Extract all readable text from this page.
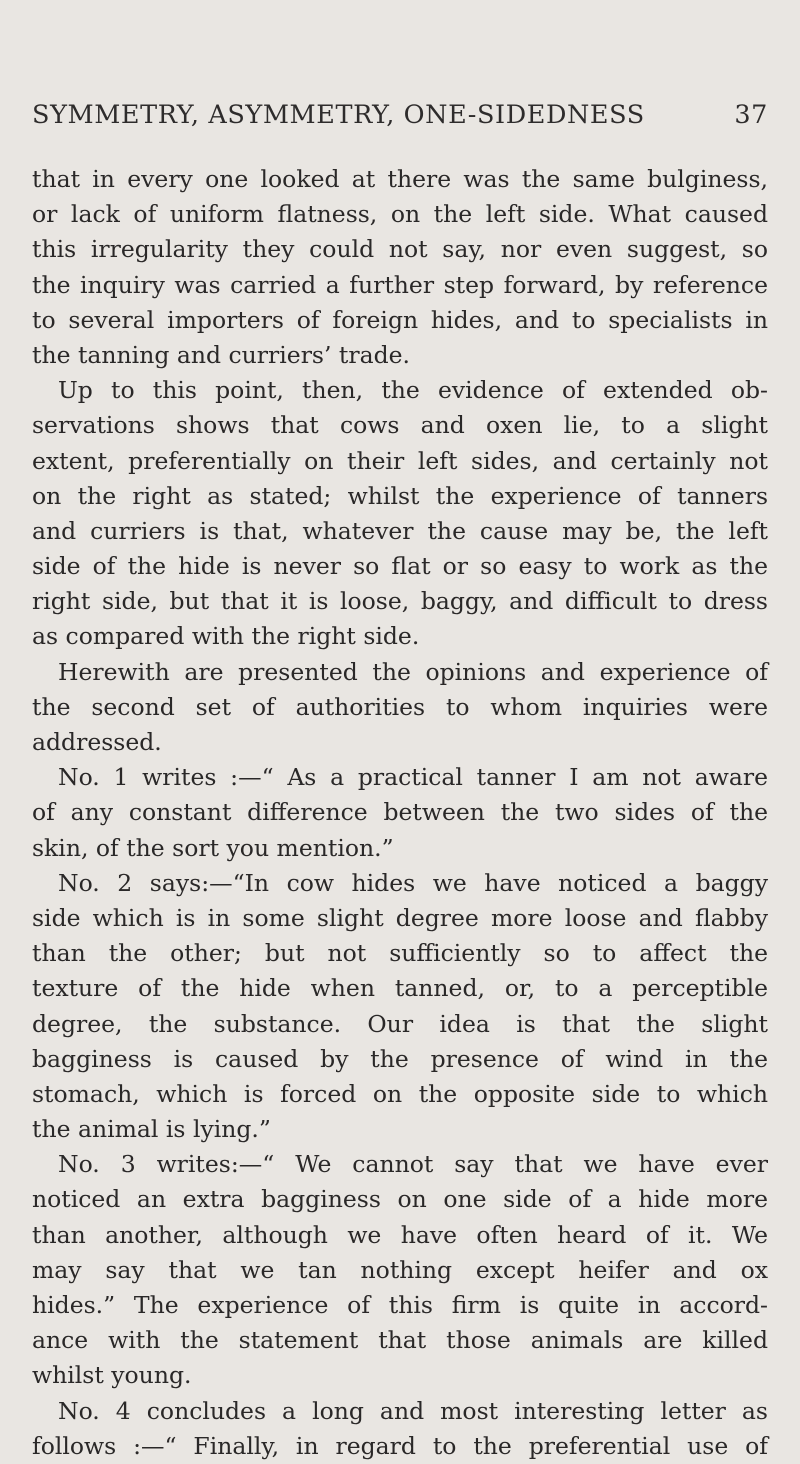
SYMMETRY, ASYMMETRY, ONE-SIDEDNESS	37
that in every one looked at there was the same bulginess,
or lack of uniform flatness, on the left side. What caused
this irregularity they could not say, nor even suggest, so
the inquiry was carried a further step forward, by reference
to several importers of foreign hides, and to specialists in
the tanning and curriers’ trade.
Up to this point, then, the evidence of extended ob-
servations shows that cows and oxen lie, to a slight
extent, preferentially on their left sides, and certainly not
on the right as stated; whilst the experience of tanners
and curriers is that, whatever the cause may be, the left
side of the hide is never so flat or so easy to work as the
right side, but that it is loose, baggy, and difficult to dress
as compared with the right side.
Herewith are presented the opinions and experience of
the second set of authorities to whom inquiries were
addressed.
No. 1 writes :—“ As a practical tanner I am not aware
of any constant difference between the two sides of the
skin, of the sort you mention.”
No. 2 says:—“In cow hides we have noticed a baggy
side which is in some slight degree more loose and flabby
than the other; but not sufficiently so to affect the
texture of the hide when tanned, or, to a perceptible
degree, the substance. Our idea is that the slight
bagginess is caused by the presence of wind in the
stomach, which is forced on the opposite side to which
the animal is lying.”
No. 3 writes:—“ We cannot say that we have ever
noticed an extra bagginess on one side of a hide more
than another, although we have often heard of it. We
may say that we tan nothing except heifer and ox
hides.” The experience of this firm is quite in accord-
ance with the statement that those animals are killed
whilst young.
No. 4 concludes a long and most interesting letter as
follows :—“ Finally, in regard to the preferential use of
